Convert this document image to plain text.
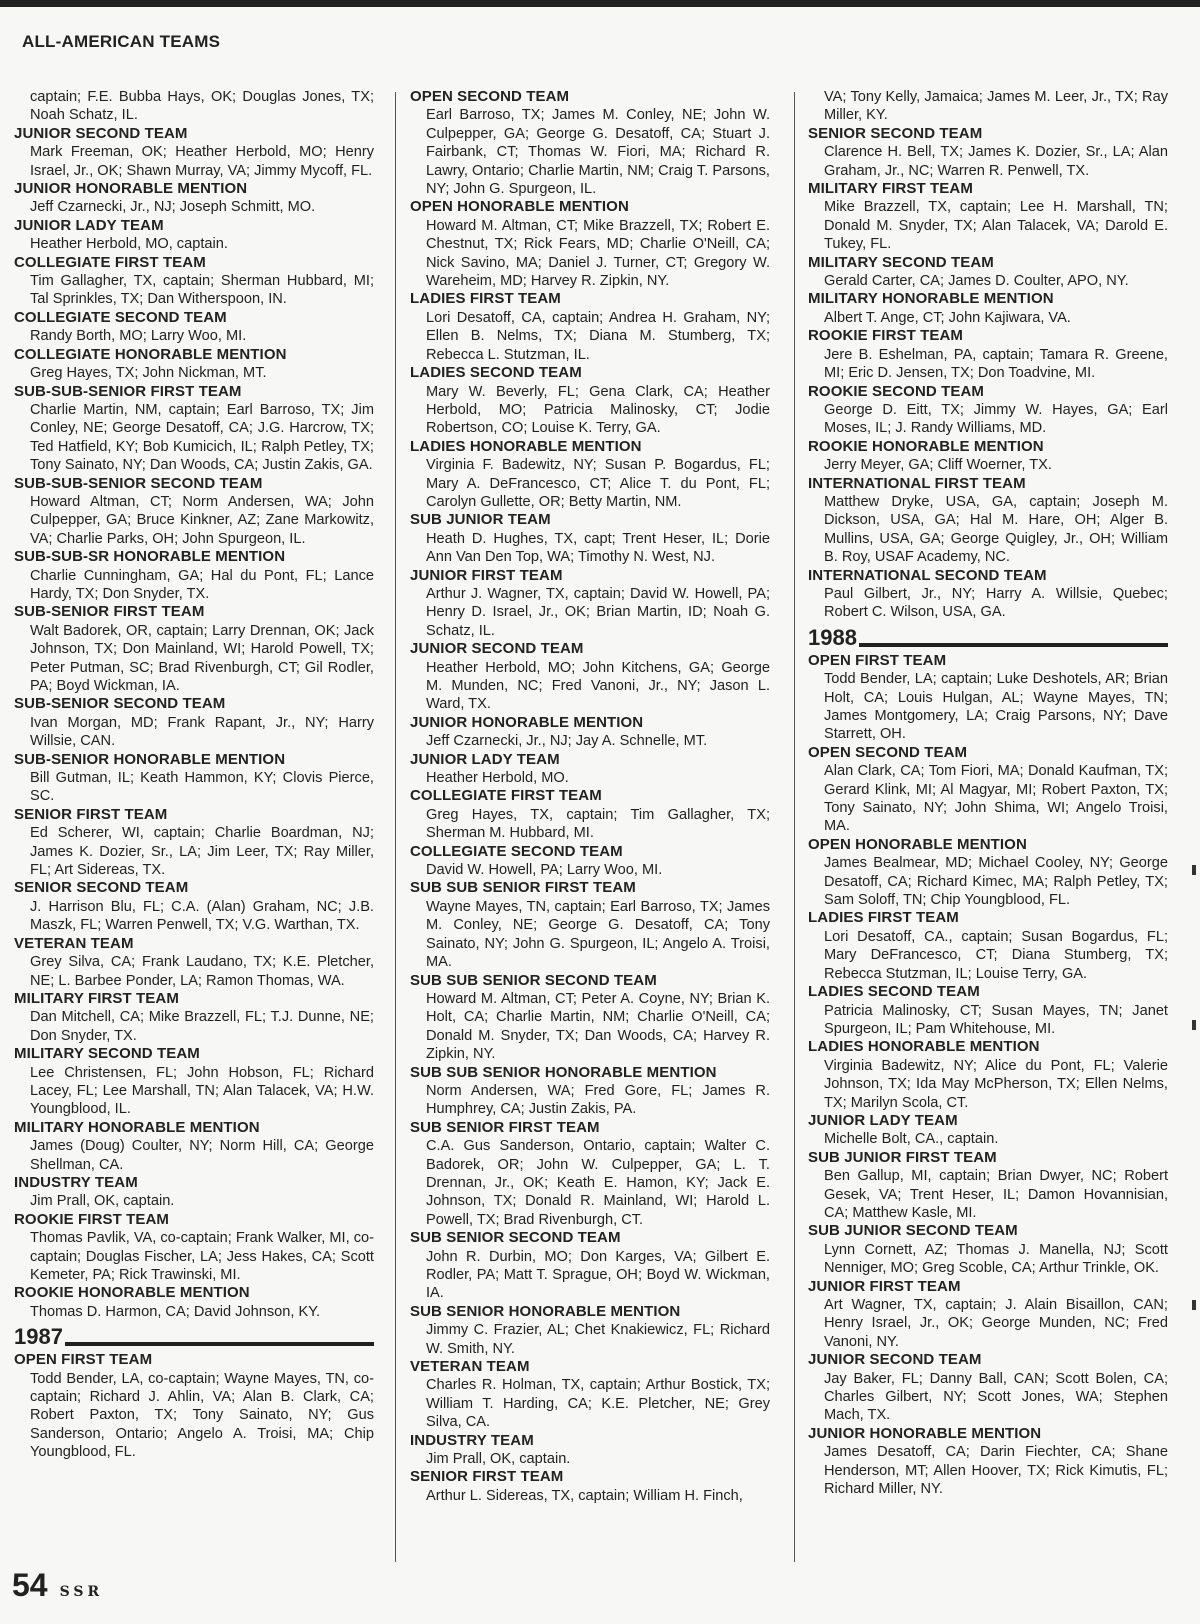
ALL-AMERICAN TEAMS
captain; F.E. Bubba Hays, OK; Douglas Jones, TX; Noah Schatz, IL.
JUNIOR SECOND TEAM
Mark Freeman, OK; Heather Herbold, MO; Henry Israel, Jr., OK; Shawn Murray, VA; Jimmy Mycoff, FL.
JUNIOR HONORABLE MENTION
Jeff Czarnecki, Jr., NJ; Joseph Schmitt, MO.
JUNIOR LADY TEAM
Heather Herbold, MO, captain.
COLLEGIATE FIRST TEAM
Tim Gallagher, TX, captain; Sherman Hubbard, MI; Tal Sprinkles, TX; Dan Witherspoon, IN.
COLLEGIATE SECOND TEAM
Randy Borth, MO; Larry Woo, MI.
COLLEGIATE HONORABLE MENTION
Greg Hayes, TX; John Nickman, MT.
SUB-SUB-SENIOR FIRST TEAM
Charlie Martin, NM, captain; Earl Barroso, TX; Jim Conley, NE; George Desatoff, CA; J.G. Harcrow, TX; Ted Hatfield, KY; Bob Kumicich, IL; Ralph Petley, TX; Tony Sainato, NY; Dan Woods, CA; Justin Zakis, GA.
SUB-SUB-SENIOR SECOND TEAM
Howard Altman, CT; Norm Andersen, WA; John Culpepper, GA; Bruce Kinkner, AZ; Zane Markowitz, VA; Charlie Parks, OH; John Spurgeon, IL.
SUB-SUB-SR HONORABLE MENTION
Charlie Cunningham, GA; Hal du Pont, FL; Lance Hardy, TX; Don Snyder, TX.
SUB-SENIOR FIRST TEAM
Walt Badorek, OR, captain; Larry Drennan, OK; Jack Johnson, TX; Don Mainland, WI; Harold Powell, TX; Peter Putman, SC; Brad Rivenburgh, CT; Gil Rodler, PA; Boyd Wickman, IA.
SUB-SENIOR SECOND TEAM
Ivan Morgan, MD; Frank Rapant, Jr., NY; Harry Willsie, CAN.
SUB-SENIOR HONORABLE MENTION
Bill Gutman, IL; Keath Hammon, KY; Clovis Pierce, SC.
SENIOR FIRST TEAM
Ed Scherer, WI, captain; Charlie Boardman, NJ; James K. Dozier, Sr., LA; Jim Leer, TX; Ray Miller, FL; Art Sidereas, TX.
SENIOR SECOND TEAM
J. Harrison Blu, FL; C.A. (Alan) Graham, NC; J.B. Maszk, FL; Warren Penwell, TX; V.G. Warthan, TX.
VETERAN TEAM
Grey Silva, CA; Frank Laudano, TX; K.E. Pletcher, NE; L. Barbee Ponder, LA; Ramon Thomas, WA.
MILITARY FIRST TEAM
Dan Mitchell, CA; Mike Brazzell, FL; T.J. Dunne, NE; Don Snyder, TX.
MILITARY SECOND TEAM
Lee Christensen, FL; John Hobson, FL; Richard Lacey, FL; Lee Marshall, TN; Alan Talacek, VA; H.W. Youngblood, IL.
MILITARY HONORABLE MENTION
James (Doug) Coulter, NY; Norm Hill, CA; George Shellman, CA.
INDUSTRY TEAM
Jim Prall, OK, captain.
ROOKIE FIRST TEAM
Thomas Pavlik, VA, co-captain; Frank Walker, MI, co-captain; Douglas Fischer, LA; Jess Hakes, CA; Scott Kemeter, PA; Rick Trawinski, MI.
ROOKIE HONORABLE MENTION
Thomas D. Harmon, CA; David Johnson, KY.
1987
OPEN FIRST TEAM
Todd Bender, LA, co-captain; Wayne Mayes, TN, co-captain; Richard J. Ahlin, VA; Alan B. Clark, CA; Robert Paxton, TX; Tony Sainato, NY; Gus Sanderson, Ontario; Angelo A. Troisi, MA; Chip Youngblood, FL.
OPEN SECOND TEAM
Earl Barroso, TX; James M. Conley, NE; John W. Culpepper, GA; George G. Desatoff, CA; Stuart J. Fairbank, CT; Thomas W. Fiori, MA; Richard R. Lawry, Ontario; Charlie Martin, NM; Craig T. Parsons, NY; John G. Spurgeon, IL.
OPEN HONORABLE MENTION
Howard M. Altman, CT; Mike Brazzell, TX; Robert E. Chestnut, TX; Rick Fears, MD; Charlie O'Neill, CA; Nick Savino, MA; Daniel J. Turner, CT; Gregory W. Wareheim, MD; Harvey R. Zipkin, NY.
LADIES FIRST TEAM
Lori Desatoff, CA, captain; Andrea H. Graham, NY; Ellen B. Nelms, TX; Diana M. Stumberg, TX; Rebecca L. Stutzman, IL.
LADIES SECOND TEAM
Mary W. Beverly, FL; Gena Clark, CA; Heather Herbold, MO; Patricia Malinosky, CT; Jodie Robertson, CO; Louise K. Terry, GA.
LADIES HONORABLE MENTION
Virginia F. Badewitz, NY; Susan P. Bogardus, FL; Mary A. DeFrancesco, CT; Alice T. du Pont, FL; Carolyn Gullette, OR; Betty Martin, NM.
SUB JUNIOR TEAM
Heath D. Hughes, TX, capt; Trent Heser, IL; Dorie Ann Van Den Top, WA; Timothy N. West, NJ.
JUNIOR FIRST TEAM
Arthur J. Wagner, TX, captain; David W. Howell, PA; Henry D. Israel, Jr., OK; Brian Martin, ID; Noah G. Schatz, IL.
JUNIOR SECOND TEAM
Heather Herbold, MO; John Kitchens, GA; George M. Munden, NC; Fred Vanoni, Jr., NY; Jason L. Ward, TX.
JUNIOR HONORABLE MENTION
Jeff Czarnecki, Jr., NJ; Jay A. Schnelle, MT.
JUNIOR LADY TEAM
Heather Herbold, MO.
COLLEGIATE FIRST TEAM
Greg Hayes, TX, captain; Tim Gallagher, TX; Sherman M. Hubbard, MI.
COLLEGIATE SECOND TEAM
David W. Howell, PA; Larry Woo, MI.
SUB SUB SENIOR FIRST TEAM
Wayne Mayes, TN, captain; Earl Barroso, TX; James M. Conley, NE; George G. Desatoff, CA; Tony Sainato, NY; John G. Spurgeon, IL; Angelo A. Troisi, MA.
SUB SUB SENIOR SECOND TEAM
Howard M. Altman, CT; Peter A. Coyne, NY; Brian K. Holt, CA; Charlie Martin, NM; Charlie O'Neill, CA; Donald M. Snyder, TX; Dan Woods, CA; Harvey R. Zipkin, NY.
SUB SUB SENIOR HONORABLE MENTION
Norm Andersen, WA; Fred Gore, FL; James R. Humphrey, CA; Justin Zakis, PA.
SUB SENIOR FIRST TEAM
C.A. Gus Sanderson, Ontario, captain; Walter C. Badorek, OR; John W. Culpepper, GA; L. T. Drennan, Jr., OK; Keath E. Hamon, KY; Jack E. Johnson, TX; Donald R. Mainland, WI; Harold L. Powell, TX; Brad Rivenburgh, CT.
SUB SENIOR SECOND TEAM
John R. Durbin, MO; Don Karges, VA; Gilbert E. Rodler, PA; Matt T. Sprague, OH; Boyd W. Wickman, IA.
SUB SENIOR HONORABLE MENTION
Jimmy C. Frazier, AL; Chet Knakiewicz, FL; Richard W. Smith, NY.
VETERAN TEAM
Charles R. Holman, TX, captain; Arthur Bostick, TX; William T. Harding, CA; K.E. Pletcher, NE; Grey Silva, CA.
INDUSTRY TEAM
Jim Prall, OK, captain.
SENIOR FIRST TEAM
Arthur L. Sidereas, TX, captain; William H. Finch,
VA; Tony Kelly, Jamaica; James M. Leer, Jr., TX; Ray Miller, KY.
SENIOR SECOND TEAM
Clarence H. Bell, TX; James K. Dozier, Sr., LA; Alan Graham, Jr., NC; Warren R. Penwell, TX.
MILITARY FIRST TEAM
Mike Brazzell, TX, captain; Lee H. Marshall, TN; Donald M. Snyder, TX; Alan Talacek, VA; Darold E. Tukey, FL.
MILITARY SECOND TEAM
Gerald Carter, CA; James D. Coulter, APO, NY.
MILITARY HONORABLE MENTION
Albert T. Ange, CT; John Kajiwara, VA.
ROOKIE FIRST TEAM
Jere B. Eshelman, PA, captain; Tamara R. Greene, MI; Eric D. Jensen, TX; Don Toadvine, MI.
ROOKIE SECOND TEAM
George D. Eitt, TX; Jimmy W. Hayes, GA; Earl Moses, IL; J. Randy Williams, MD.
ROOKIE HONORABLE MENTION
Jerry Meyer, GA; Cliff Woerner, TX.
INTERNATIONAL FIRST TEAM
Matthew Dryke, USA, GA, captain; Joseph M. Dickson, USA, GA; Hal M. Hare, OH; Alger B. Mullins, USA, GA; George Quigley, Jr., OH; William B. Roy, USAF Academy, NC.
INTERNATIONAL SECOND TEAM
Paul Gilbert, Jr., NY; Harry A. Willsie, Quebec; Robert C. Wilson, USA, GA.
1988
OPEN FIRST TEAM
Todd Bender, LA; captain; Luke Deshotels, AR; Brian Holt, CA; Louis Hulgan, AL; Wayne Mayes, TN; James Montgomery, LA; Craig Parsons, NY; Dave Starrett, OH.
OPEN SECOND TEAM
Alan Clark, CA; Tom Fiori, MA; Donald Kaufman, TX; Gerard Klink, MI; Al Magyar, MI; Robert Paxton, TX; Tony Sainato, NY; John Shima, WI; Angelo Troisi, MA.
OPEN HONORABLE MENTION
James Bealmear, MD; Michael Cooley, NY; George Desatoff, CA; Richard Kimec, MA; Ralph Petley, TX; Sam Soloff, TN; Chip Youngblood, FL.
LADIES FIRST TEAM
Lori Desatoff, CA., captain; Susan Bogardus, FL; Mary DeFrancesco, CT; Diana Stumberg, TX; Rebecca Stutzman, IL; Louise Terry, GA.
LADIES SECOND TEAM
Patricia Malinosky, CT; Susan Mayes, TN; Janet Spurgeon, IL; Pam Whitehouse, MI.
LADIES HONORABLE MENTION
Virginia Badewitz, NY; Alice du Pont, FL; Valerie Johnson, TX; Ida May McPherson, TX; Ellen Nelms, TX; Marilyn Scola, CT.
JUNIOR LADY TEAM
Michelle Bolt, CA., captain.
SUB JUNIOR FIRST TEAM
Ben Gallup, MI, captain; Brian Dwyer, NC; Robert Gesek, VA; Trent Heser, IL; Damon Hovannisian, CA; Matthew Kasle, MI.
SUB JUNIOR SECOND TEAM
Lynn Cornett, AZ; Thomas J. Manella, NJ; Scott Nenniger, MO; Greg Scoble, CA; Arthur Trinkle, OK.
JUNIOR FIRST TEAM
Art Wagner, TX, captain; J. Alain Bisaillon, CAN; Henry Israel, Jr., OK; George Munden, NC; Fred Vanoni, NY.
JUNIOR SECOND TEAM
Jay Baker, FL; Danny Ball, CAN; Scott Bolen, CA; Charles Gilbert, NY; Scott Jones, WA; Stephen Mach, TX.
JUNIOR HONORABLE MENTION
James Desatoff, CA; Darin Fiechter, CA; Shane Henderson, MT; Allen Hoover, TX; Rick Kimutis, FL; Richard Miller, NY.
54 SSR
